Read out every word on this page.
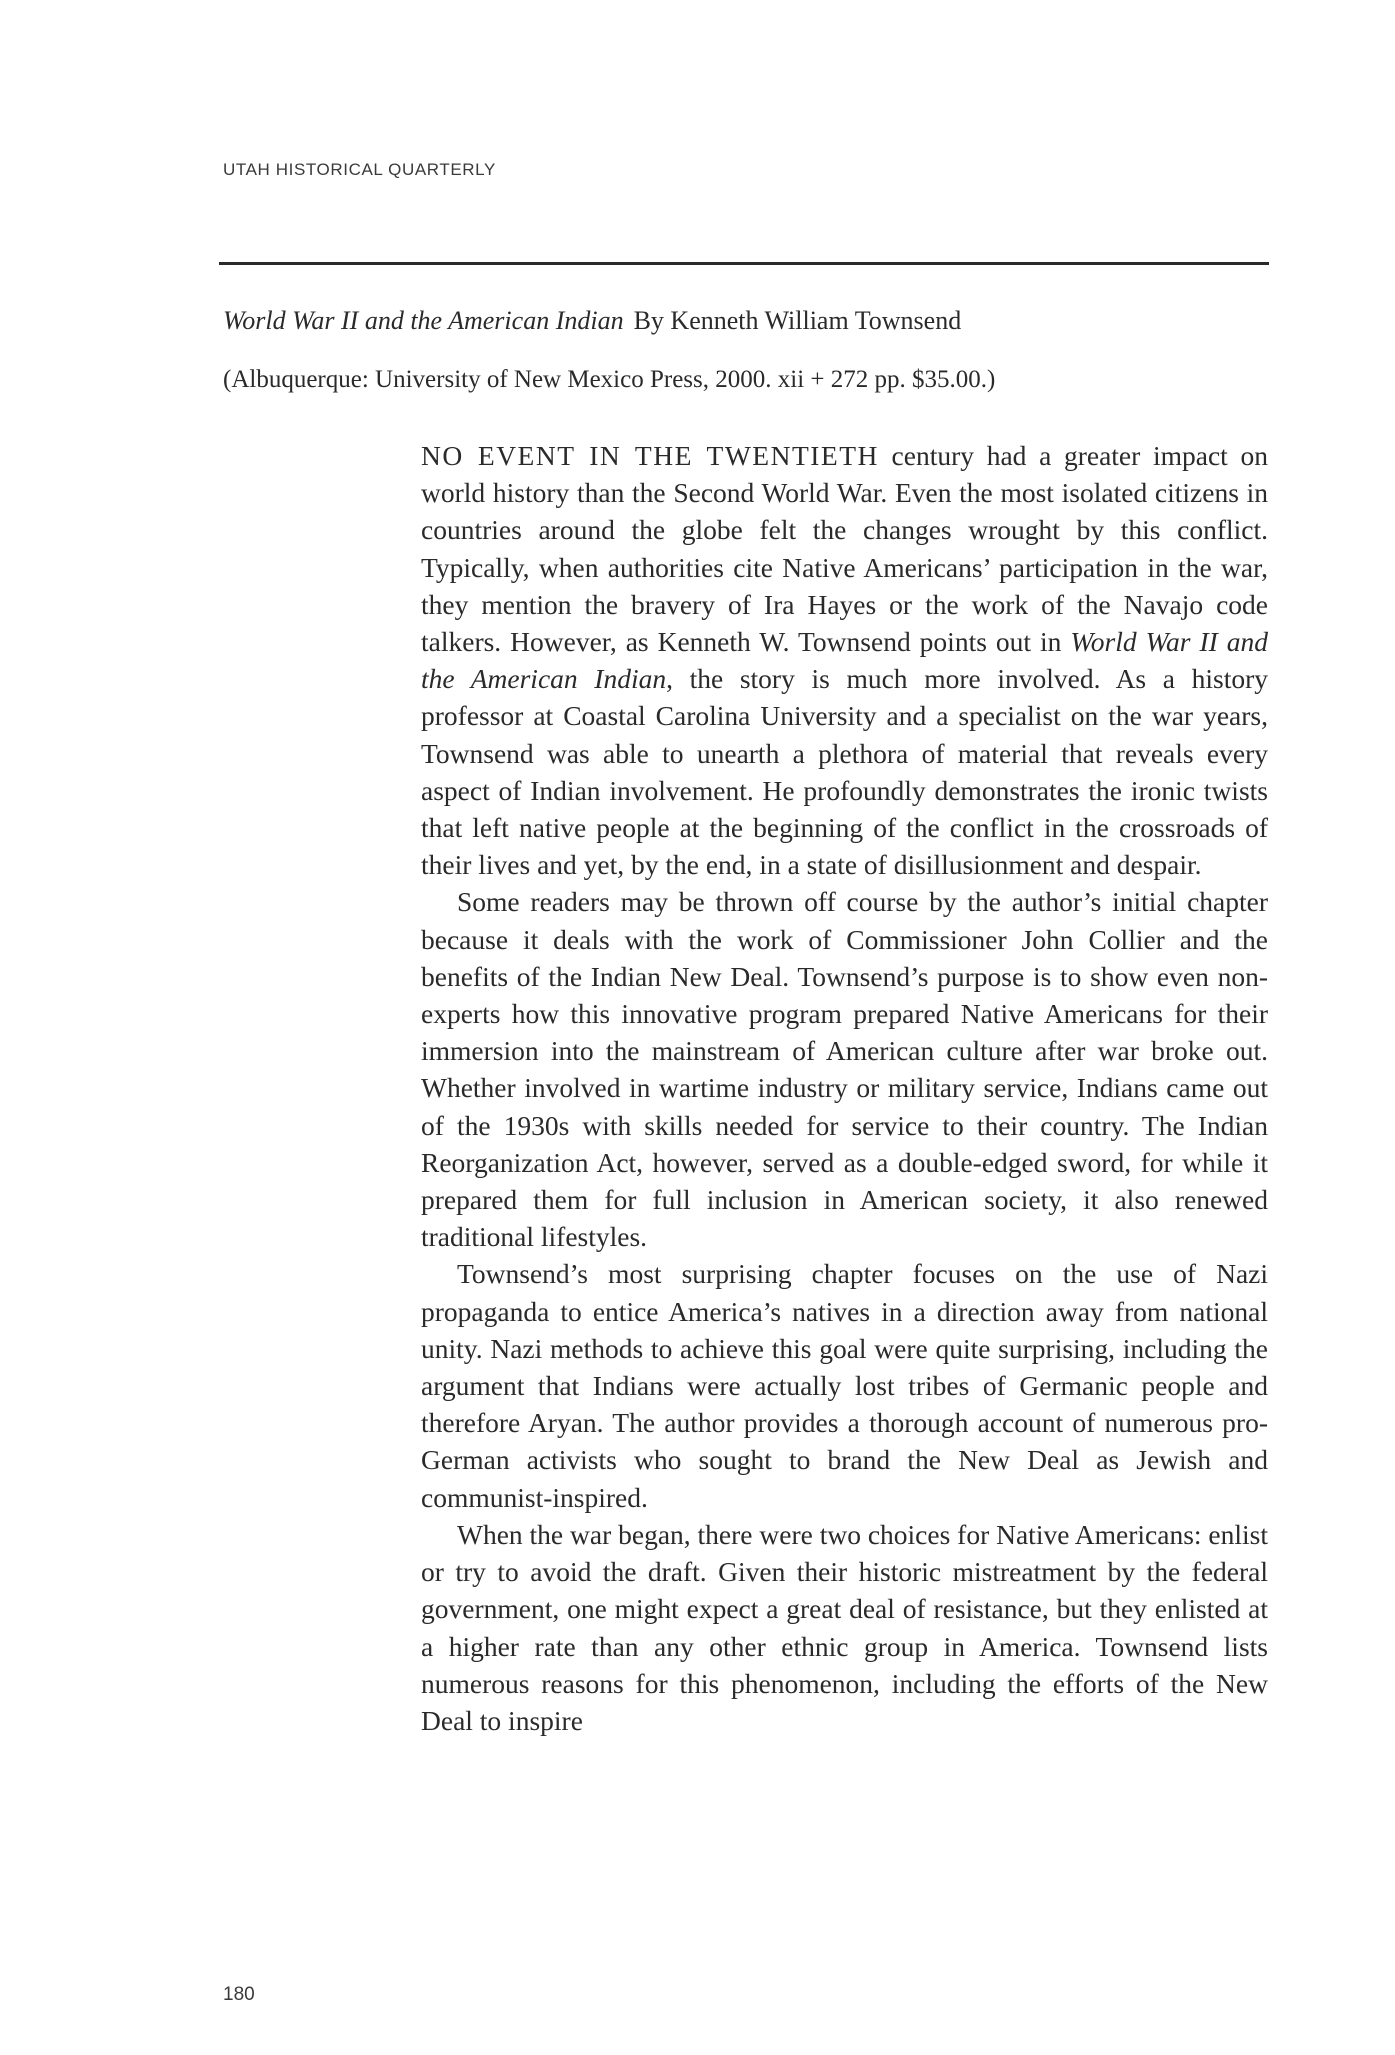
UTAH HISTORICAL QUARTERLY
World War II and the American Indian By Kenneth William Townsend
(Albuquerque: University of New Mexico Press, 2000. xii + 272 pp. $35.00.)

NO EVENT IN THE TWENTIETH century had a greater impact on world history than the Second World War. Even the most isolated citizens in countries around the globe felt the changes wrought by this conflict. Typically, when authorities cite Native Americans’ participation in the war, they mention the bravery of Ira Hayes or the work of the Navajo code talkers. However, as Kenneth W. Townsend points out in World War II and the American Indian, the story is much more involved. As a history professor at Coastal Carolina University and a specialist on the war years, Townsend was able to unearth a plethora of material that reveals every aspect of Indian involvement. He profoundly demonstrates the ironic twists that left native people at the beginning of the conflict in the crossroads of their lives and yet, by the end, in a state of disillusionment and despair.

Some readers may be thrown off course by the author’s initial chapter because it deals with the work of Commissioner John Collier and the benefits of the Indian New Deal. Townsend’s purpose is to show even non-experts how this innovative program prepared Native Americans for their immersion into the mainstream of American culture after war broke out. Whether involved in wartime industry or military service, Indians came out of the 1930s with skills needed for service to their country. The Indian Reorganization Act, however, served as a double-edged sword, for while it prepared them for full inclusion in American society, it also renewed traditional lifestyles.

Townsend’s most surprising chapter focuses on the use of Nazi propaganda to entice America’s natives in a direction away from national unity. Nazi methods to achieve this goal were quite surprising, including the argument that Indians were actually lost tribes of Germanic people and therefore Aryan. The author provides a thorough account of numerous pro-German activists who sought to brand the New Deal as Jewish and communist-inspired.

When the war began, there were two choices for Native Americans: enlist or try to avoid the draft. Given their historic mistreatment by the federal government, one might expect a great deal of resistance, but they enlisted at a higher rate than any other ethnic group in America. Townsend lists numerous reasons for this phenomenon, including the efforts of the New Deal to inspire

180
